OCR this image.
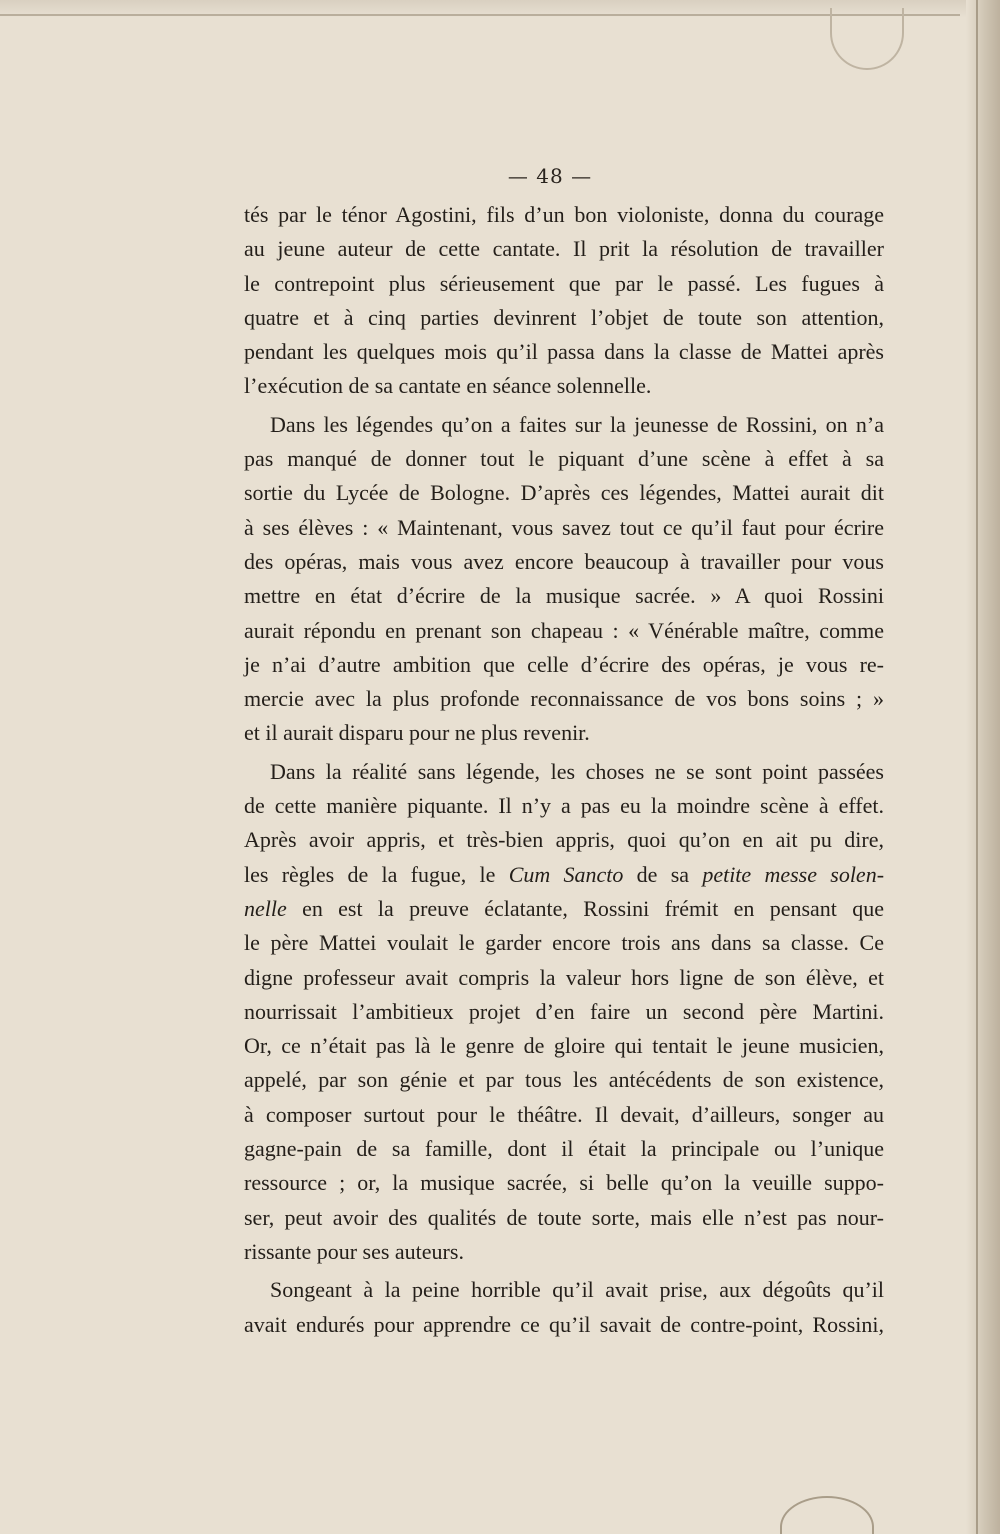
— 48 —
tés par le ténor Agostini, fils d’un bon violoniste, donna du courage
au jeune auteur de cette cantate. Il prit la résolution de travailler
le contrepoint plus sérieusement que par le passé. Les fugues à
quatre et à cinq parties devinrent l’objet de toute son attention,
pendant les quelques mois qu’il passa dans la classe de Mattei après
l’exécution de sa cantate en séance solennelle.
Dans les légendes qu’on a faites sur la jeunesse de Rossini, on n’a
pas manqué de donner tout le piquant d’une scène à effet à sa
sortie du Lycée de Bologne. D’après ces légendes, Mattei aurait dit
à ses élèves : « Maintenant, vous savez tout ce qu’il faut pour écrire
des opéras, mais vous avez encore beaucoup à travailler pour vous
mettre en état d’écrire de la musique sacrée. » A quoi Rossini
aurait répondu en prenant son chapeau : « Vénérable maître, comme
je n’ai d’autre ambition que celle d’écrire des opéras, je vous re-
mercie avec la plus profonde reconnaissance de vos bons soins ; »
et il aurait disparu pour ne plus revenir.
Dans la réalité sans légende, les choses ne se sont point passées
de cette manière piquante. Il n’y a pas eu la moindre scène à effet.
Après avoir appris, et très-bien appris, quoi qu’on en ait pu dire,
les règles de la fugue, le Cum Sancto de sa petite messe solen-
nelle en est la preuve éclatante, Rossini frémit en pensant que
le père Mattei voulait le garder encore trois ans dans sa classe. Ce
digne professeur avait compris la valeur hors ligne de son élève, et
nourrissait l’ambitieux projet d’en faire un second père Martini.
Or, ce n’était pas là le genre de gloire qui tentait le jeune musicien,
appelé, par son génie et par tous les antécédents de son existence,
à composer surtout pour le théâtre. Il devait, d’ailleurs, songer au
gagne-pain de sa famille, dont il était la principale ou l’unique
ressource ; or, la musique sacrée, si belle qu’on la veuille suppo-
ser, peut avoir des qualités de toute sorte, mais elle n’est pas nour-
rissante pour ses auteurs.
Songeant à la peine horrible qu’il avait prise, aux dégoûts qu’il
avait endurés pour apprendre ce qu’il savait de contre-point, Rossini,
